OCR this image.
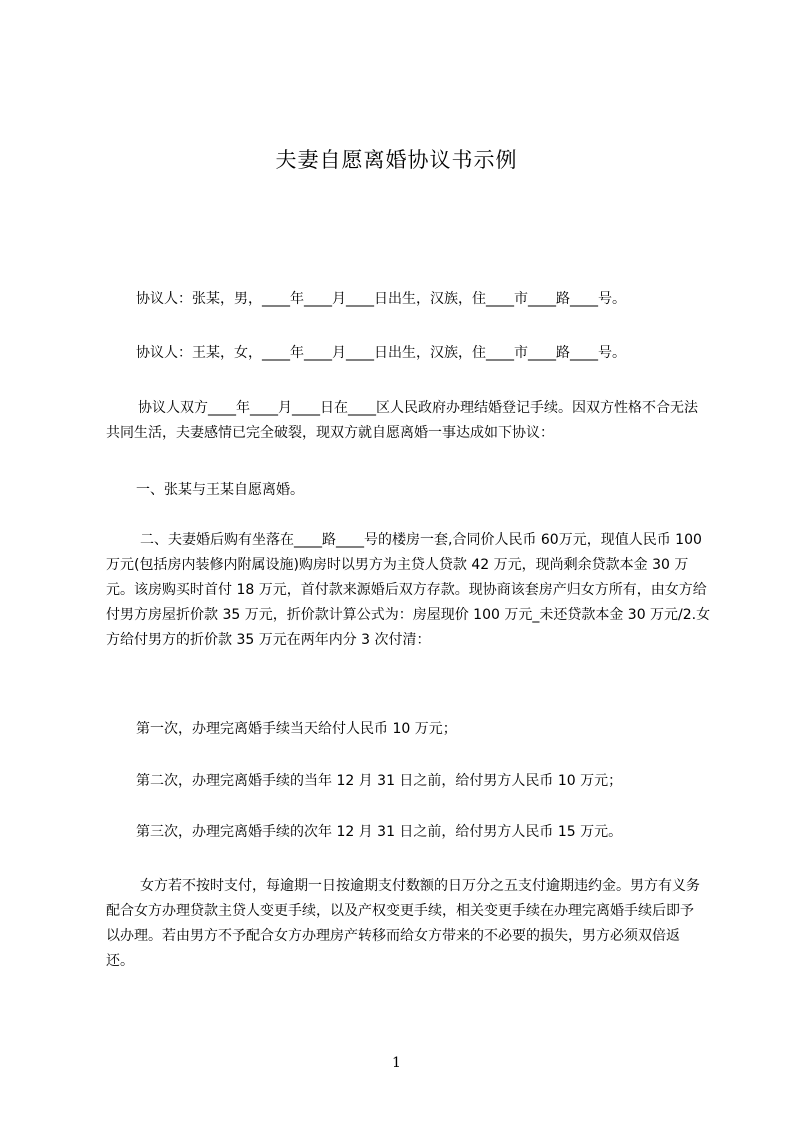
夫妻自愿离婚协议书示例
协议人：张某，男，____年____月____日出生，汉族，住____市____路____号。
协议人：王某，女，____年____月____日出生，汉族，住____市____路____号。
协议人双方____年____月____日在____区人民政府办理结婚登记手续。因双方性格不合无法共同生活，夫妻感情已完全破裂，现双方就自愿离婚一事达成如下协议：
一、张某与王某自愿离婚。
二、夫妻婚后购有坐落在____路____号的楼房一套,合同价人民币 60万元，现值人民币 100 万元(包括房内装修内附属设施)购房时以男方为主贷人贷款 42 万元，现尚剩余贷款本金 30 万元。该房购买时首付 18 万元，首付款来源婚后双方存款。现协商该套房产归女方所有，由女方给付男方房屋折价款 35 万元，折价款计算公式为：房屋现价 100 万元_未还贷款本金 30 万元/2.女方给付男方的折价款 35 万元在两年内分 3 次付清：
第一次，办理完离婚手续当天给付人民币 10 万元；
第二次，办理完离婚手续的当年 12 月 31 日之前，给付男方人民币 10 万元；
第三次，办理完离婚手续的次年 12 月 31 日之前，给付男方人民币 15 万元。
女方若不按时支付，每逾期一日按逾期支付数额的日万分之五支付逾期违约金。男方有义务配合女方办理贷款主贷人变更手续，以及产权变更手续，相关变更手续在办理完离婚手续后即予以办理。若由男方不予配合女方办理房产转移而给女方带来的不必要的损失，男方必须双倍返还。
1
